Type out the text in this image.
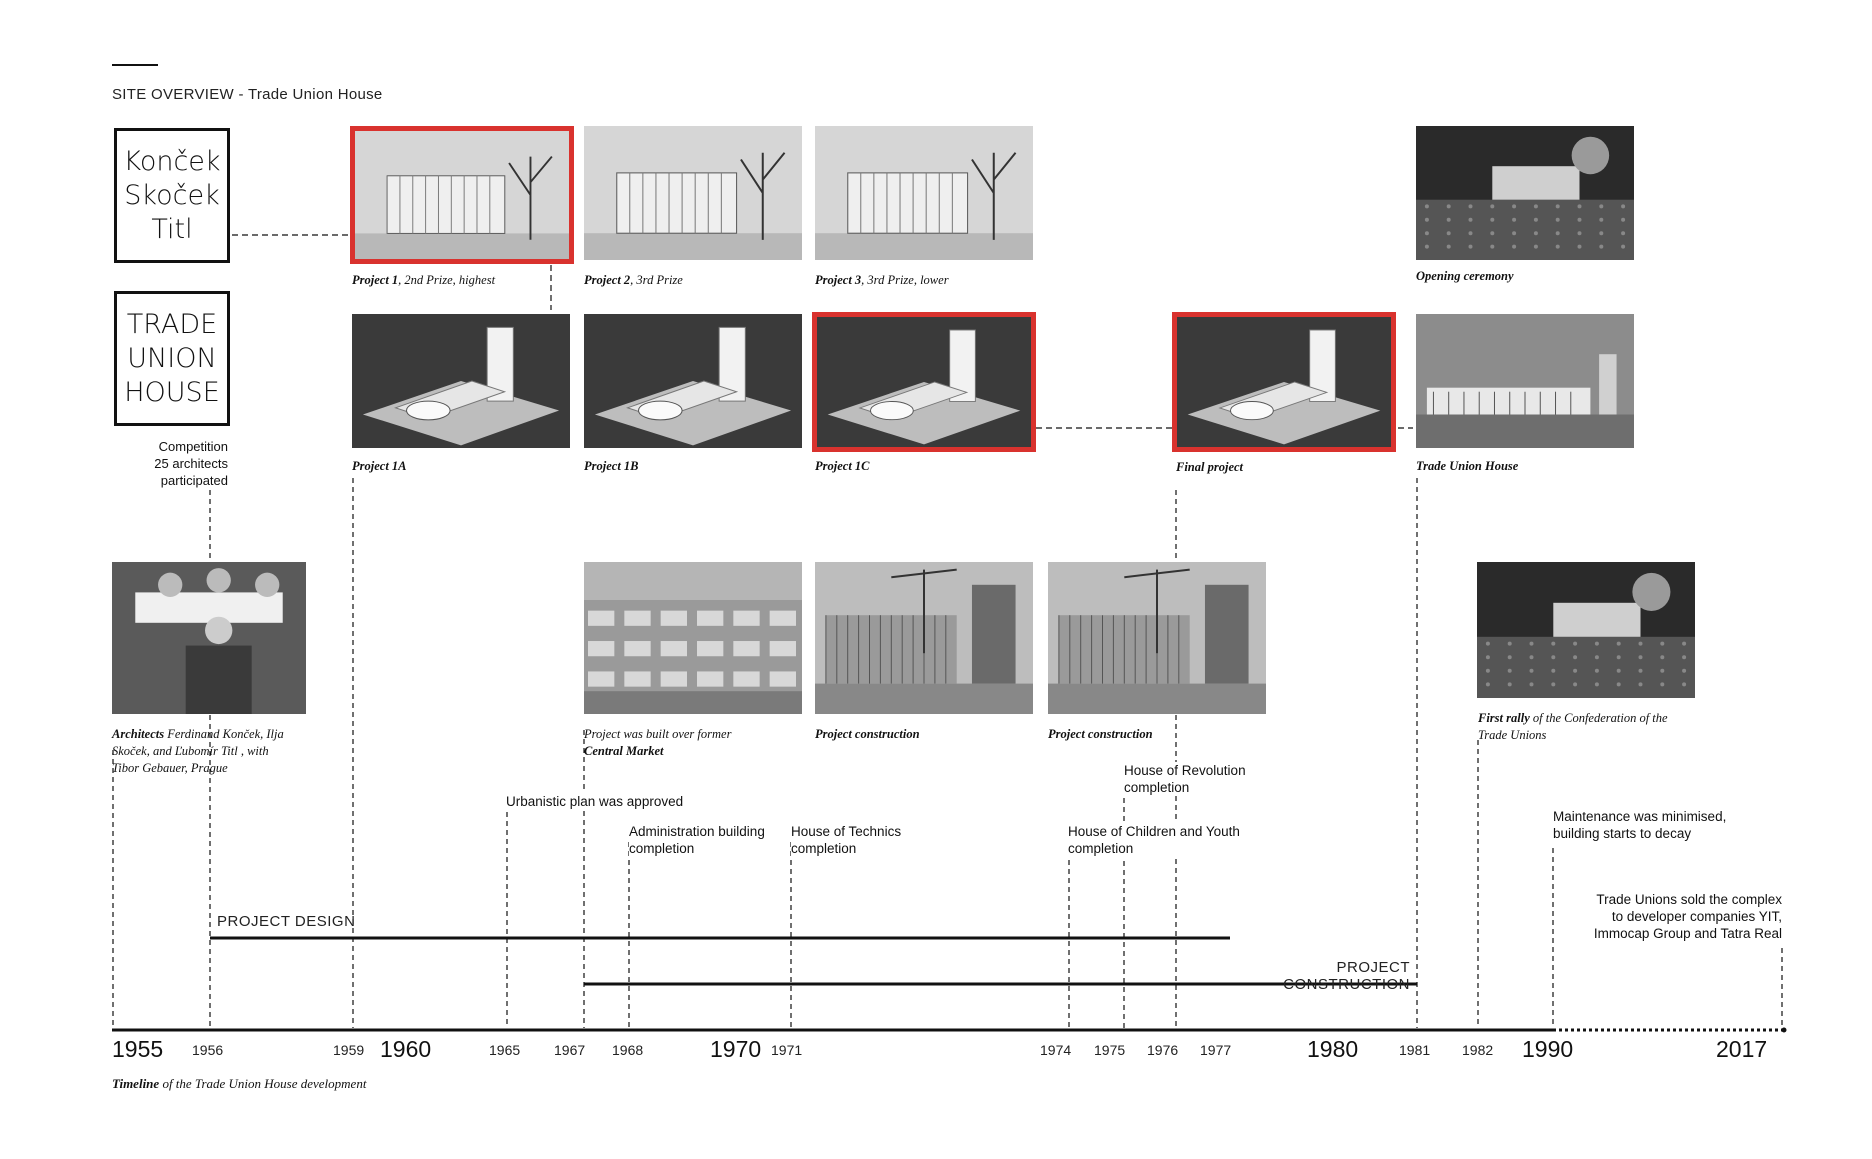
SITE OVERVIEW - Trade Union House
Konček
Skoček
Titl
TRADE
UNION
HOUSE
Competition
25 architects
participated
Project 1, 2nd Prize, highest	Project 2, 3rd Prize	Project 3, 3rd Prize, lower	Opening ceremony
Project 1A	Project 1B	Project 1C	Final project	Trade Union House
Architects Ferdinand Konček, Ilja
Skoček, and Ľubomír Titl , with
Tibor Gebauer, Prague
Project was built over former
Central Market
Project construction	Project construction
First rally of the Confederation of the
Trade Unions
Urbanistic plan was approved
Administration building
completion
House of Technics
completion
House of Revolution
completion
House of Children and Youth
completion
Maintenance was minimised,
building starts to decay
Trade Unions sold the complex
to developer companies YIT,
Immocap Group and Tatra Real
PROJECT DESIGN
PROJECT CONSTRUCTION
1955 1956	1959 1960	1965 1967 1968	1970 1971	1974 1975 1976 1977	1980	1981 1982 1990	2017
Timeline of the Trade Union House development
